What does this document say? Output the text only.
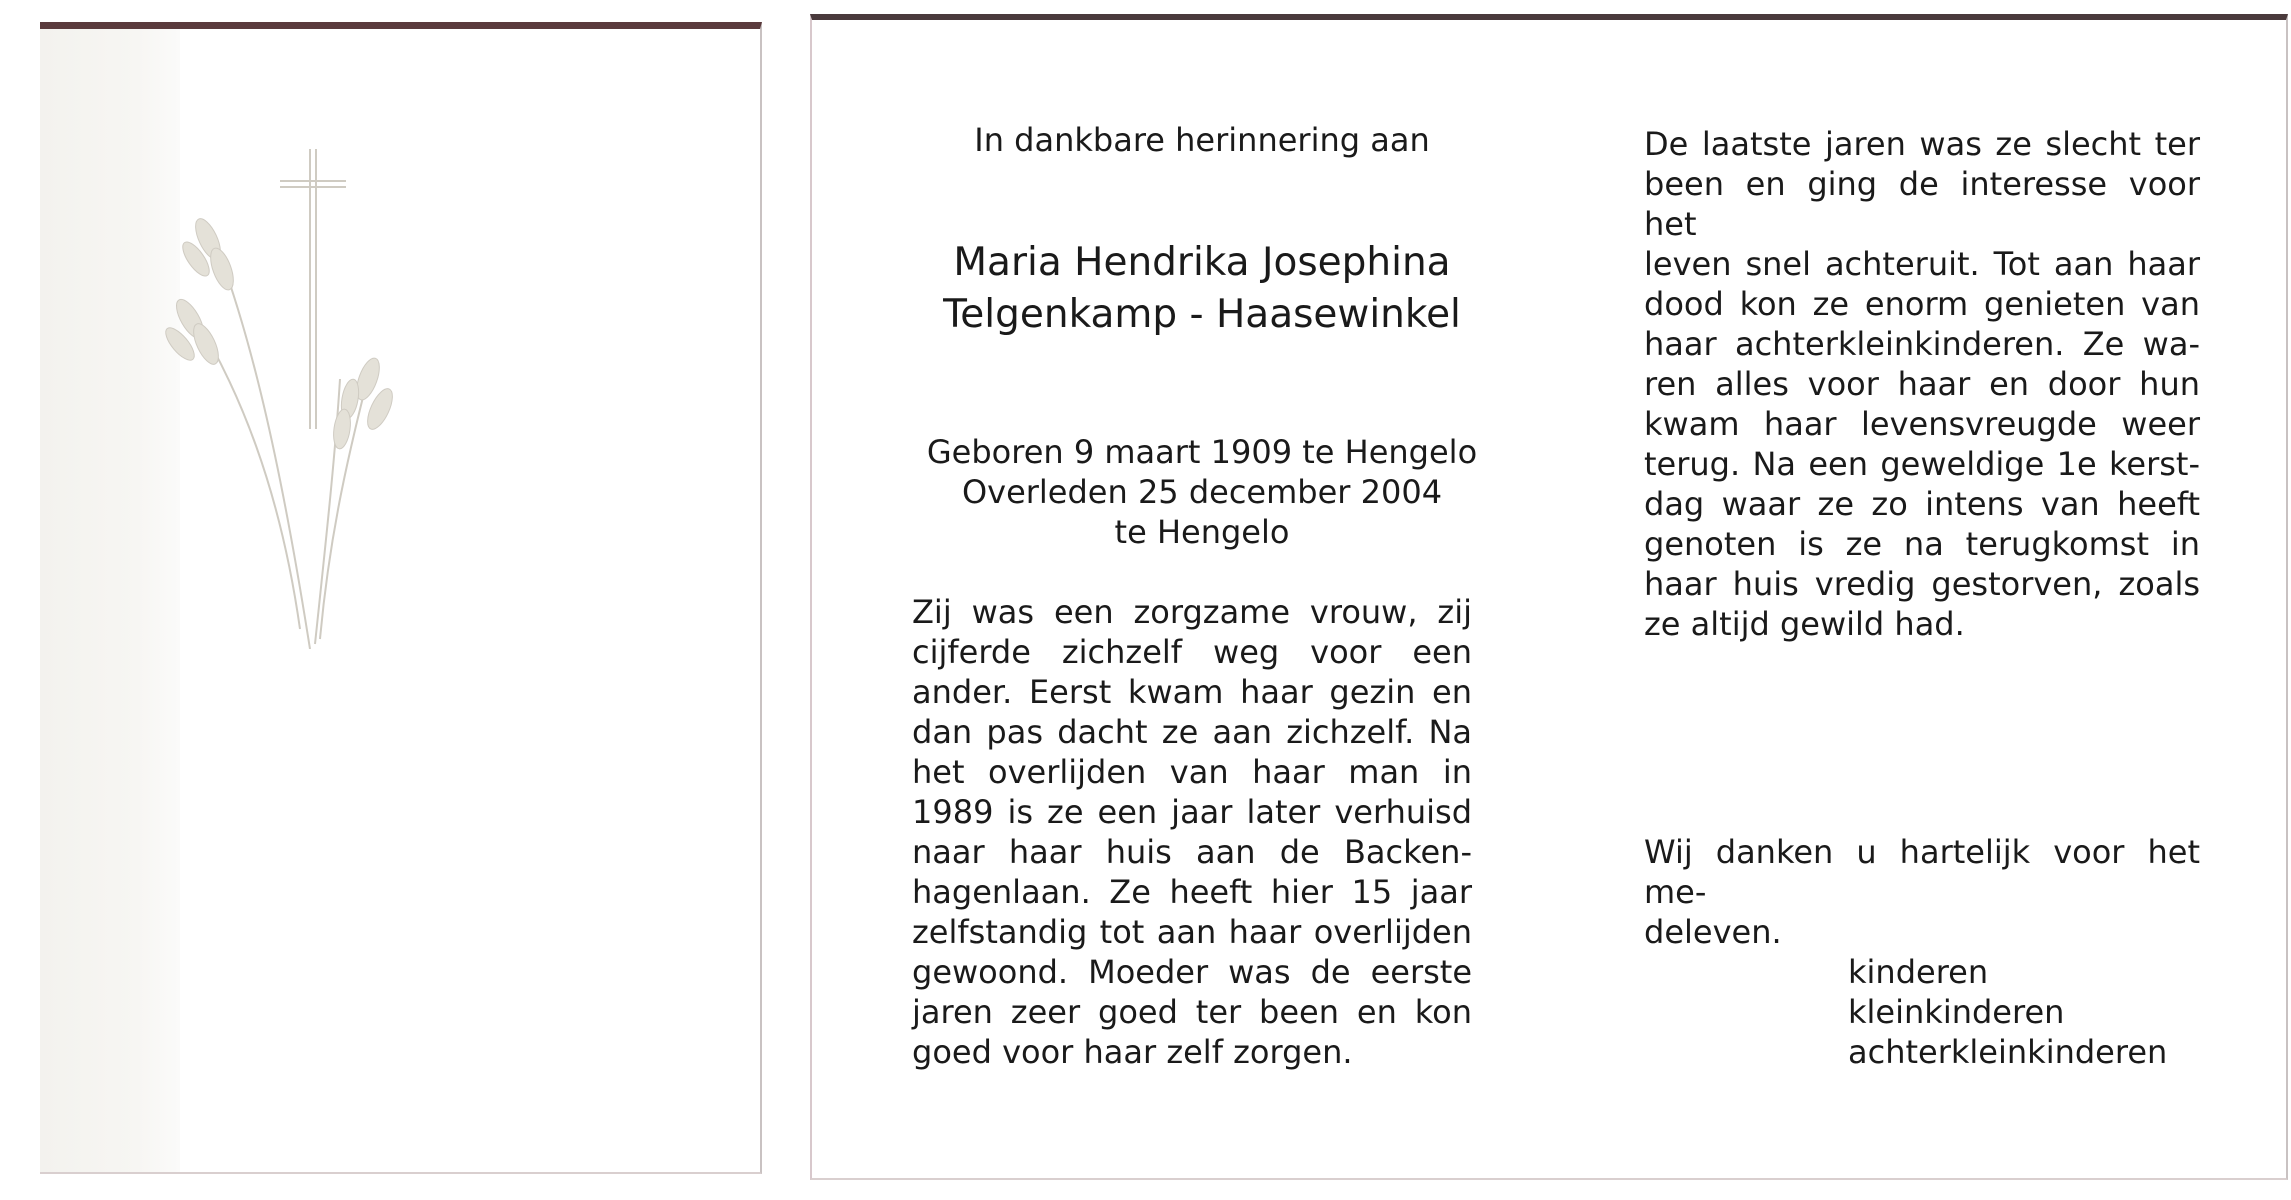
In dankbare herinnering aan
Maria Hendrika Josephina
Telgenkamp - Haasewinkel
Geboren 9 maart 1909 te Hengelo
Overleden 25 december 2004
te Hengelo
Zij was een zorgzame vrouw, zij
cijferde zichzelf weg voor een
ander. Eerst kwam haar gezin en
dan pas dacht ze aan zichzelf. Na
het overlijden van haar man in
1989 is ze een jaar later verhuisd
naar haar huis aan de Backen-
hagenlaan. Ze heeft hier 15 jaar
zelfstandig tot aan haar overlijden
gewoond. Moeder was de eerste
jaren zeer goed ter been en kon
goed voor haar zelf zorgen.
De laatste jaren was ze slecht ter
been en ging de interesse voor het
leven snel achteruit. Tot aan haar
dood kon ze enorm genieten van
haar achterkleinkinderen. Ze wa-
ren alles voor haar en door hun
kwam haar levensvreugde weer
terug. Na een geweldige 1e kerst-
dag waar ze zo intens van heeft
genoten is ze na terugkomst in
haar huis vredig gestorven, zoals
ze altijd gewild had.
Wij danken u hartelijk voor het me-
deleven.
kinderen
kleinkinderen
achterkleinkinderen
